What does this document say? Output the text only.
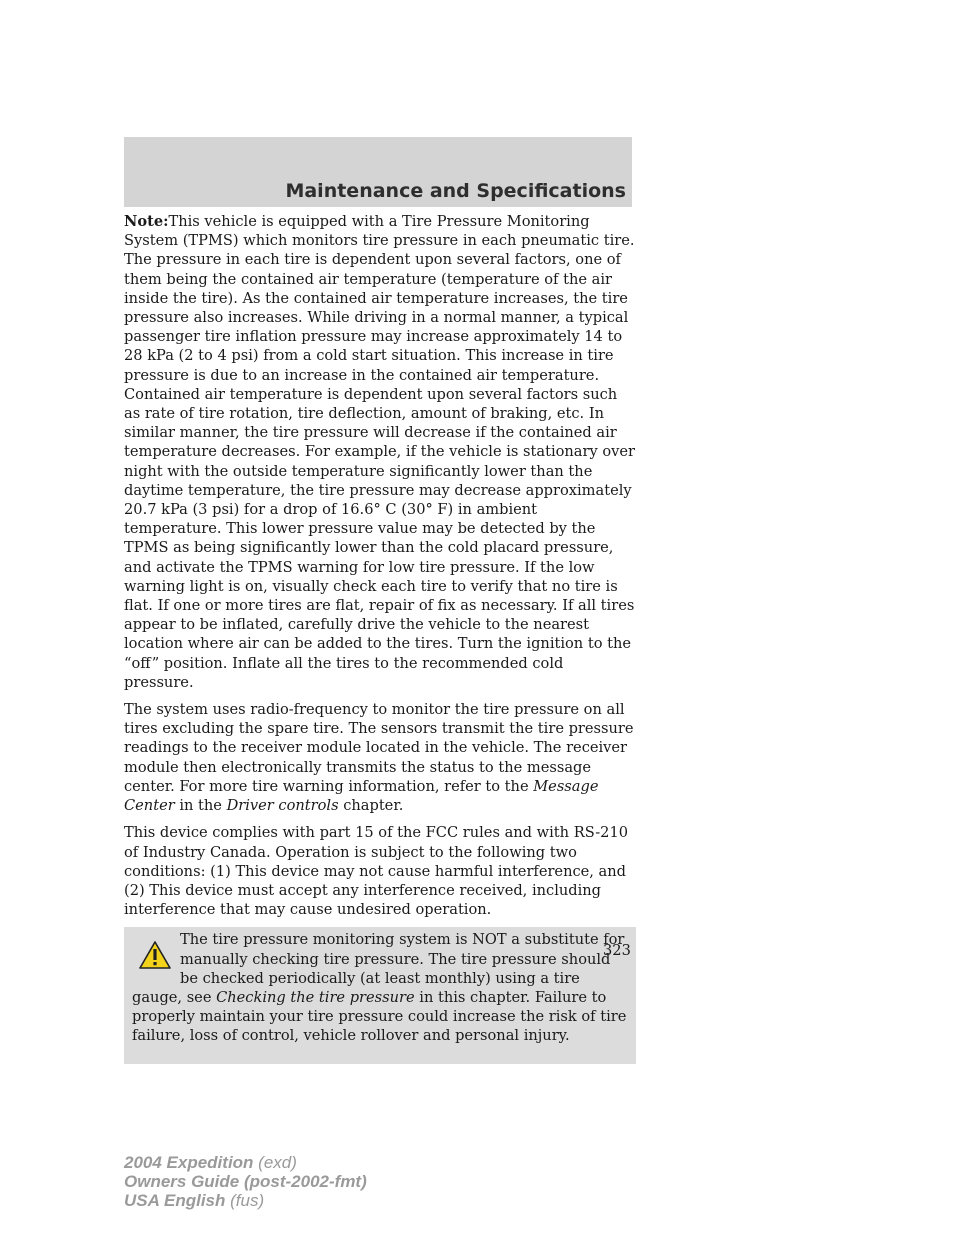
Maintenance and Specifications

Note:This vehicle is equipped with a Tire Pressure Monitoring System (TPMS) which monitors tire pressure in each pneumatic tire. The pressure in each tire is dependent upon several factors, one of them being the contained air temperature (temperature of the air inside the tire). As the contained air temperature increases, the tire pressure also increases. While driving in a normal manner, a typical passenger tire inflation pressure may increase approximately 14 to 28 kPa (2 to 4 psi) from a cold start situation. This increase in tire pressure is due to an increase in the contained air temperature. Contained air temperature is dependent upon several factors such as rate of tire rotation, tire deflection, amount of braking, etc. In similar manner, the tire pressure will decrease if the contained air temperature decreases. For example, if the vehicle is stationary over night with the outside temperature significantly lower than the daytime temperature, the tire pressure may decrease approximately 20.7 kPa (3 psi) for a drop of 16.6° C (30° F) in ambient temperature. This lower pressure value may be detected by the TPMS as being significantly lower than the cold placard pressure, and activate the TPMS warning for low tire pressure. If the low warning light is on, visually check each tire to verify that no tire is flat. If one or more tires are flat, repair of fix as necessary. If all tires appear to be inflated, carefully drive the vehicle to the nearest location where air can be added to the tires. Turn the ignition to the “off” position. Inflate all the tires to the recommended cold pressure.

The system uses radio-frequency to monitor the tire pressure on all tires excluding the spare tire. The sensors transmit the tire pressure readings to the receiver module located in the vehicle. The receiver module then electronically transmits the status to the message center. For more tire warning information, refer to the Message Center in the Driver controls chapter.

This device complies with part 15 of the FCC rules and with RS-210 of Industry Canada. Operation is subject to the following two conditions: (1) This device may not cause harmful interference, and (2) This device must accept any interference received, including interference that may cause undesired operation.

The tire pressure monitoring system is NOT a substitute for manually checking tire pressure. The tire pressure should be checked periodically (at least monthly) using a tire gauge, see Checking the tire pressure in this chapter. Failure to properly maintain your tire pressure could increase the risk of tire failure, loss of control, vehicle rollover and personal injury.

323
2004 Expedition (exd)
Owners Guide (post-2002-fmt)
USA English (fus)
